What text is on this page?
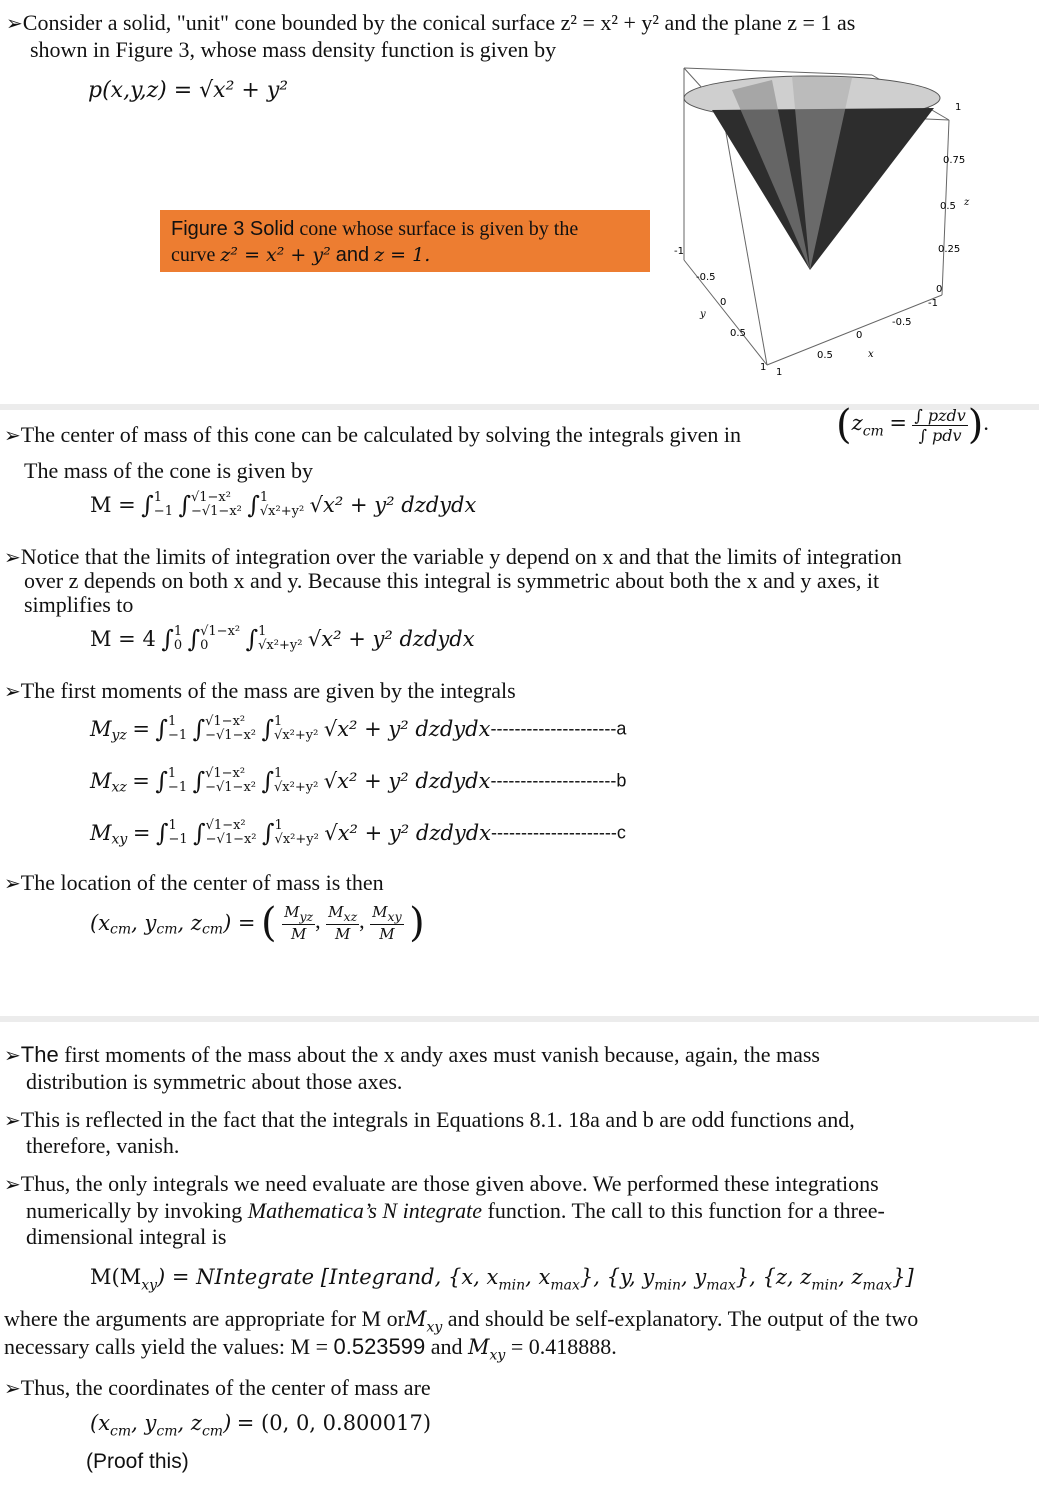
➢Consider a solid, "unit" cone bounded by the conical surface z² = x² + y² and the plane z = 1 as
shown in Figure 3, whose mass density function is given by
p(x,y,z) = √x² + y²
Figure 3 Solid cone whose surface is given by the
curve z² = x² + y² and z = 1.
1
0.75
0.5 z
0.25
0
-1
-0.5
0
y
0.5
1
-1
-0.5
0
x
0.5
1
➢The center of mass of this cone can be calculated by solving the integrals given in ($z_{cm} = \frac{\text{∫ pzdv}}{\text{∫ pdv}}$ ).
The mass of the cone is given by
M = ∫ 1
−1 ∫ √1−x²
−√1−x² ∫ 1
√x²+y² √x² + y² dzdydx
➢Notice that the limits of integration over the variable y depend on x and that the limits of integration
over z depends on both x and y. Because this integral is symmetric about both the x and y axes, it
simplifies to
M = 4 ∫ 1
0 ∫ √1−x²
0	∫ 1
√x²+y² √x² + y² dzdydx
➢The first moments of the mass are given by the integrals
$M_{yz}$ = ∫ 1
−1 ∫ √1−x²
−√1−x² ∫ 1
√x²+y² √x² + y² dzdydx---------------------a
$M_{xz}$ = ∫ 1
−1 ∫ √1−x²
−√1−x² ∫ 1
√x²+y² √x² + y² dzdydx---------------------b
$M_{xy}$ = ∫ 1
−1 ∫ √1−x²
−√1−x² ∫ 1
√x²+y² √x² + y² dzdydx---------------------c
➢The location of the center of mass is then
($x_{cm}$, $y_{cm}$, $z_{cm}$) = ( $\frac{M_{yz}}{M}$ , $\frac{M_{xz}}{M}$ , $\frac{M_{xy}}{M}$ )
➢The first moments of the mass about the x andy axes must vanish because, again, the mass
distribution is symmetric about those axes.
➢This is reflected in the fact that the integrals in Equations 8.1. 18a and b are odd functions and,
therefore, vanish.
➢Thus, the only integrals we need evaluate are those given above. We performed these integrations
numerically by invoking Mathematica’s N integrate function. The call to this function for a three-
dimensional integral is
$M(M_{xy})$ = NIntegrate [Integrand, {x, $x_{min}$, $x_{max}$}, {y, $y_{min}$, $y_{max}$}, {z, $z_{min}$, $z_{max}$}]
where the arguments are appropriate for M orM$_{xy}$ and should be self-explanatory. The output of the two
necessary calls yield the values: M = 0.523599 and $M_{xy} = 0.418888$.
➢Thus, the coordinates of the center of mass are
($x_{cm}$, $y_{cm}$, $z_{cm}) = (0$, 0, 0.800017)
(Proof this)
